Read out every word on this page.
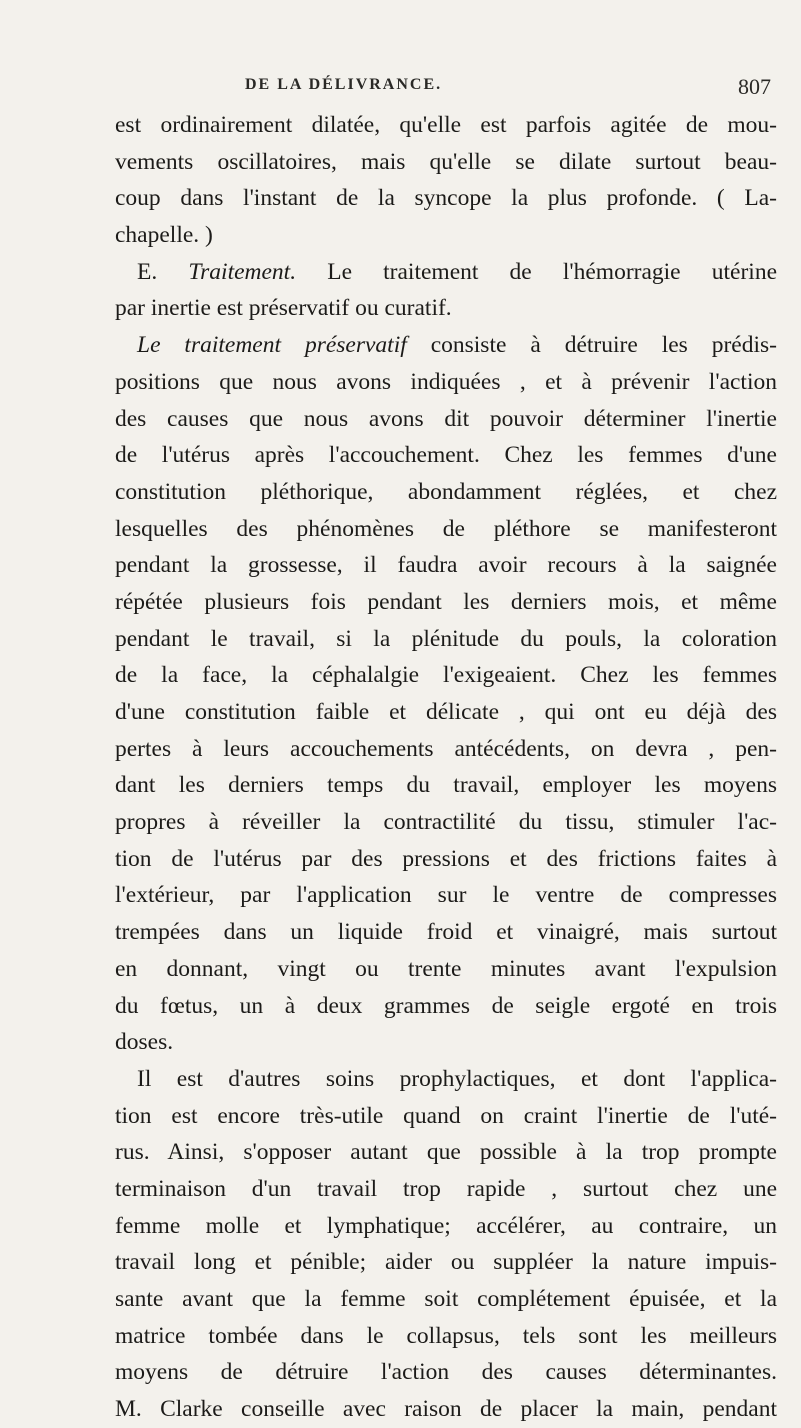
DE LA DÉLIVRANCE.	807
est ordinairement dilatée, qu'elle est parfois agitée de mou-
vements oscillatoires, mais qu'elle se dilate surtout beau-
coup dans l'instant de la syncope la plus profonde. ( La-
chapelle. )
E. Traitement. Le traitement de l'hémorragie utérine
par inertie est préservatif ou curatif.
Le traitement préservatif consiste à détruire les prédis-
positions que nous avons indiquées , et à prévenir l'action
des causes que nous avons dit pouvoir déterminer l'inertie
de l'utérus après l'accouchement. Chez les femmes d'une
constitution pléthorique, abondamment réglées, et chez
lesquelles des phénomènes de pléthore se manifesteront
pendant la grossesse, il faudra avoir recours à la saignée
répétée plusieurs fois pendant les derniers mois, et même
pendant le travail, si la plénitude du pouls, la coloration
de la face, la céphalalgie l'exigeaient. Chez les femmes
d'une constitution faible et délicate , qui ont eu déjà des
pertes à leurs accouchements antécédents, on devra , pen-
dant les derniers temps du travail, employer les moyens
propres à réveiller la contractilité du tissu, stimuler l'ac-
tion de l'utérus par des pressions et des frictions faites à
l'extérieur, par l'application sur le ventre de compresses
trempées dans un liquide froid et vinaigré, mais surtout
en donnant, vingt ou trente minutes avant l'expulsion
du fœtus, un à deux grammes de seigle ergoté en trois
doses.
Il est d'autres soins prophylactiques, et dont l'applica-
tion est encore très-utile quand on craint l'inertie de l'uté-
rus. Ainsi, s'opposer autant que possible à la trop prompte
terminaison d'un travail trop rapide , surtout chez une
femme molle et lymphatique; accélérer, au contraire, un
travail long et pénible; aider ou suppléer la nature impuis-
sante avant que la femme soit complétement épuisée, et la
matrice tombée dans le collapsus, tels sont les meilleurs
moyens de détruire l'action des causes déterminantes.
M. Clarke conseille avec raison de placer la main, pendant
